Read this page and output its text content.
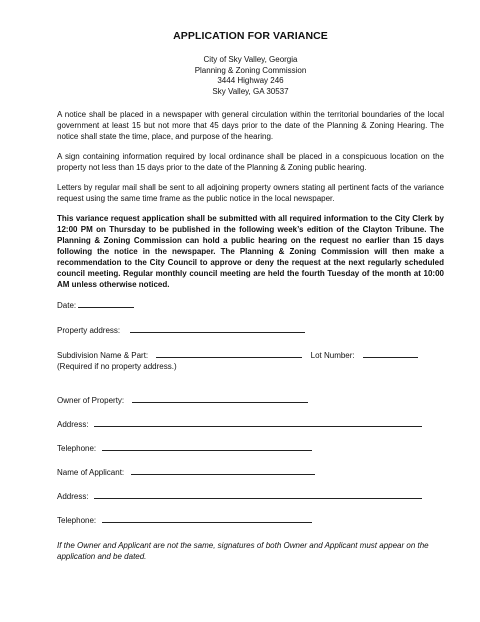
APPLICATION FOR VARIANCE
City of Sky Valley, Georgia
Planning & Zoning Commission
3444 Highway 246
Sky Valley, GA 30537

A notice shall be placed in a newspaper with general circulation within the territorial boundaries of the local government at least 15 but not more that 45 days prior to the date of the Planning & Zoning Hearing. The notice shall state the time, place, and purpose of the hearing.

A sign containing information required by local ordinance shall be placed in a conspicuous location on the property not less than 15 days prior to the date of the Planning & Zoning public hearing.

Letters by regular mail shall be sent to all adjoining property owners stating all pertinent facts of the variance request using the same time frame as the public notice in the local newspaper.

This variance request application shall be submitted with all required information to the City Clerk by 12:00 PM on Thursday to be published in the following week’s edition of the Clayton Tribune. The Planning & Zoning Commission can hold a public hearing on the request no earlier than 15 days following the notice in the newspaper. The Planning & Zoning Commission will then make a recommendation to the City Council to approve or deny the request at the next regularly scheduled council meeting. Regular monthly council meeting are held the fourth Tuesday of the month at 10:00 AM unless otherwise noticed.

Date:
Property address:
Subdivision Name & Part:	Lot Number:
(Required if no property address.)
Owner of Property:
Address:
Telephone:
Name of Applicant:
Address:
Telephone:
If the Owner and Applicant are not the same, signatures of both Owner and Applicant must appear on the application and be dated.
